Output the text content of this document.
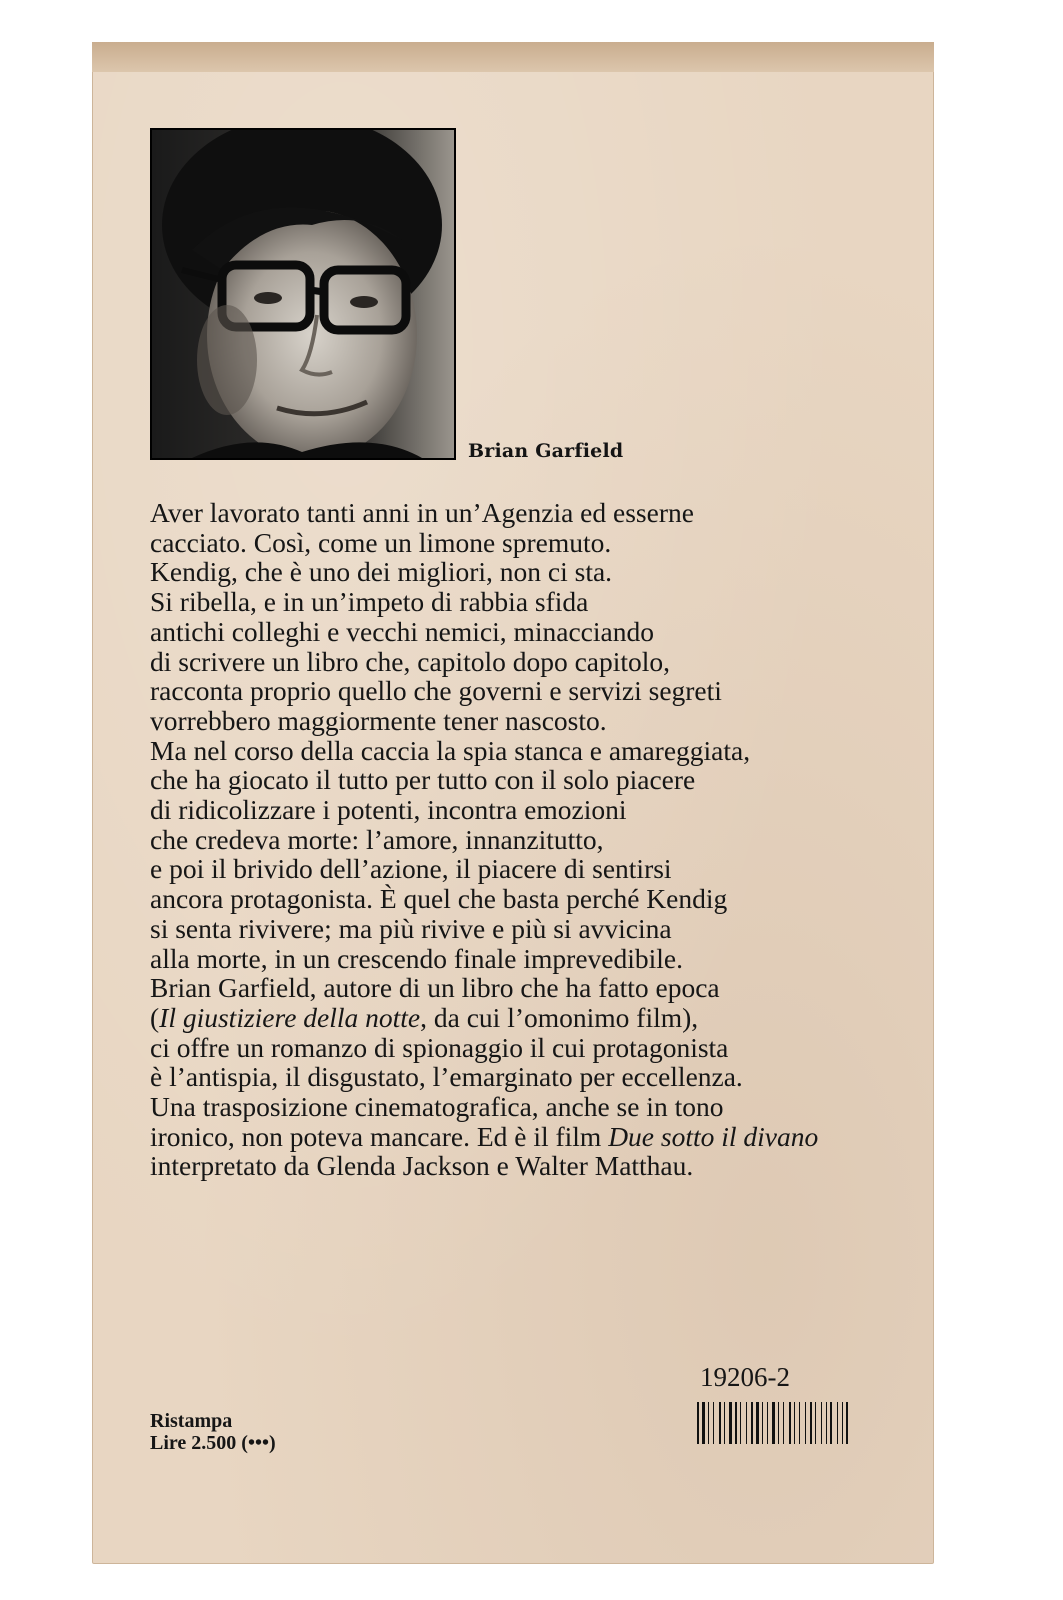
Brian Garfield
Aver lavorato tanti anni in un’Agenzia ed esserne
cacciato. Così, come un limone spremuto.
Kendig, che è uno dei migliori, non ci sta.
Si ribella, e in un’impeto di rabbia sfida
antichi colleghi e vecchi nemici, minacciando
di scrivere un libro che, capitolo dopo capitolo,
racconta proprio quello che governi e servizi segreti
vorrebbero maggiormente tener nascosto.
Ma nel corso della caccia la spia stanca e amareggiata,
che ha giocato il tutto per tutto con il solo piacere
di ridicolizzare i potenti, incontra emozioni
che credeva morte: l’amore, innanzitutto,
e poi il brivido dell’azione, il piacere di sentirsi
ancora protagonista. È quel che basta perché Kendig
si senta rivivere; ma più rivive e più si avvicina
alla morte, in un crescendo finale imprevedibile.
Brian Garfield, autore di un libro che ha fatto epoca
(Il giustiziere della notte, da cui l’omonimo film),
ci offre un romanzo di spionaggio il cui protagonista
è l’antispia, il disgustato, l’emarginato per eccellenza.
Una trasposizione cinematografica, anche se in tono
ironico, non poteva mancare. Ed è il film Due sotto il divano
interpretato da Glenda Jackson e Walter Matthau.
19206-2
Ristampa
Lire 2.500 (•••)
